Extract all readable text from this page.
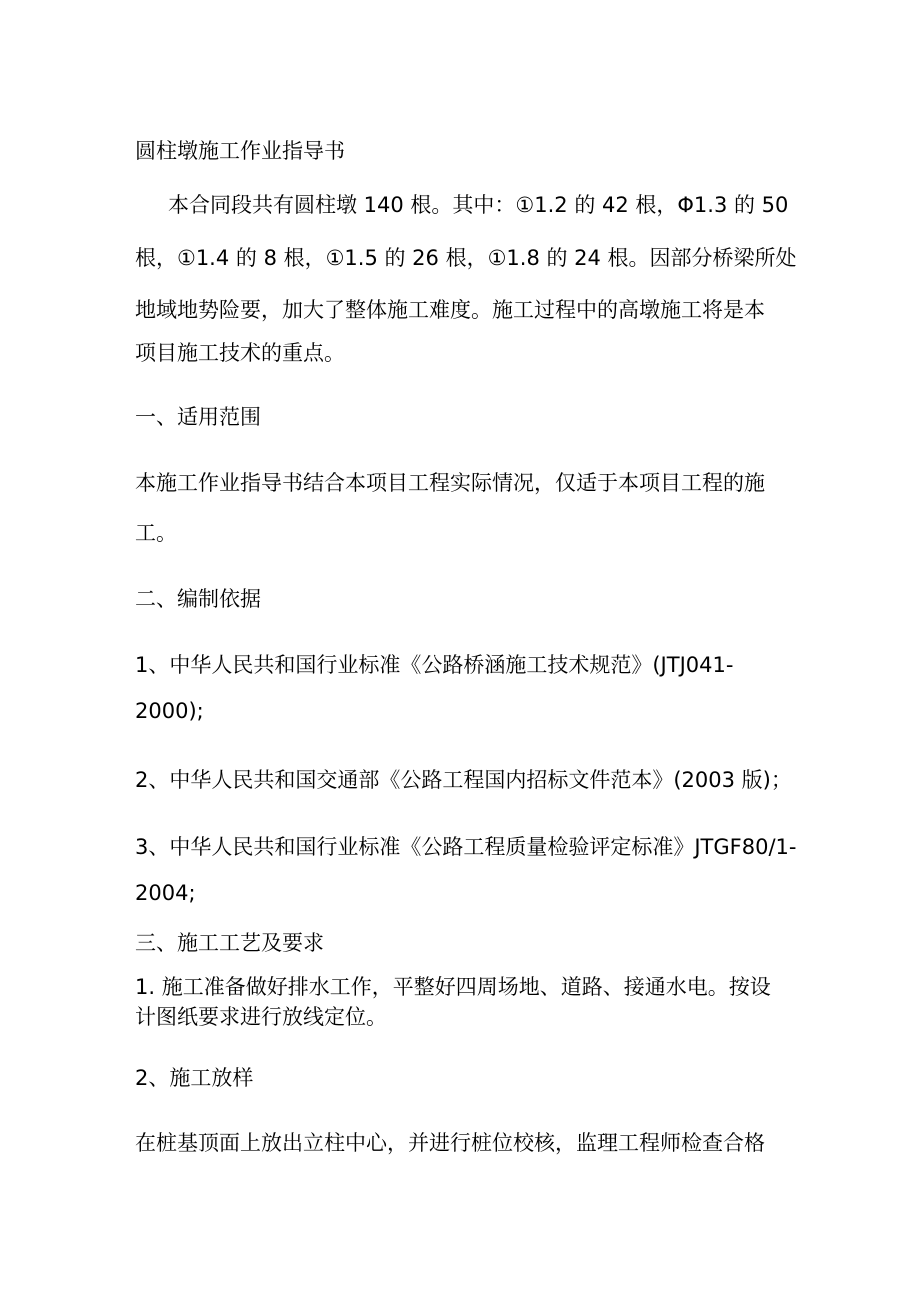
圆柱墩施工作业指导书

本合同段共有圆柱墩 140 根。其中：①1.2 的 42 根，Φ1.3 的 50

根，①1.4 的 8 根，①1.5 的 26 根，①1.8 的 24 根。因部分桥梁所处

地域地势险要，加大了整体施工难度。施工过程中的高墩施工将是本

项目施工技术的重点。

一、适用范围

本施工作业指导书结合本项目工程实际情况，仅适于本项目工程的施

工。

二、编制依据

1、中华人民共和国行业标准《公路桥涵施工技术规范》(JTJ041-

2000);

2、中华人民共和国交通部《公路工程国内招标文件范本》(2003 版)；

3、中华人民共和国行业标准《公路工程质量检验评定标准》JTGF80/1-

2004;

三、施工工艺及要求

1. 施工准备做好排水工作，平整好四周场地、道路、接通水电。按设

计图纸要求进行放线定位。

2、施工放样

在桩基顶面上放出立柱中心，并进行桩位校核，监理工程师检查合格
